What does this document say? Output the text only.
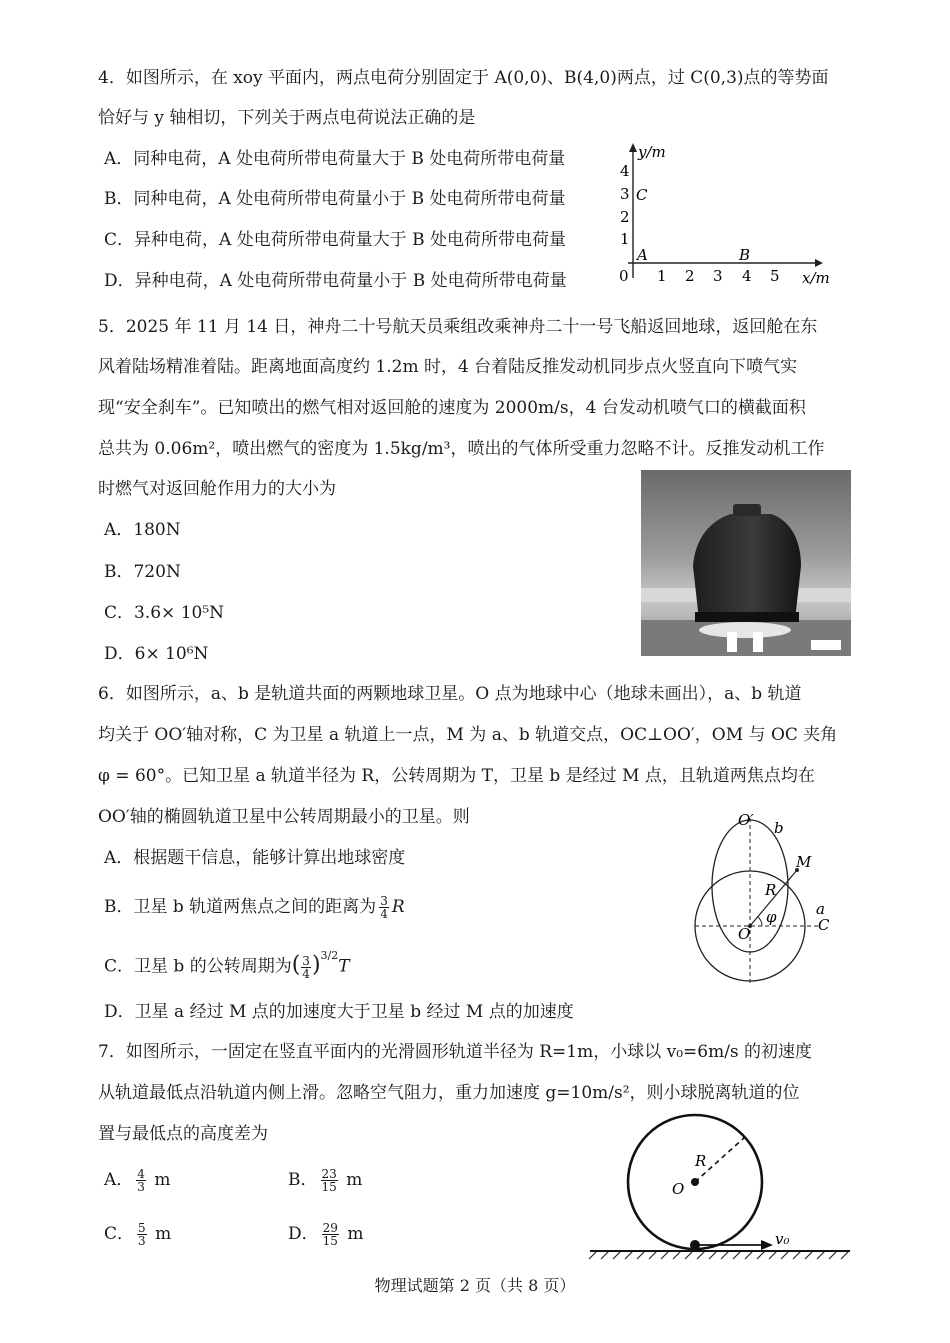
4．如图所示，在 xoy 平面内，两点电荷分别固定于 A(0,0)、B(4,0)两点，过 C(0,3)点的等势面
恰好与 y 轴相切，下列关于两点电荷说法正确的是
A．同种电荷，A 处电荷所带电荷量大于 B 处电荷所带电荷量
B．同种电荷，A 处电荷所带电荷量小于 B 处电荷所带电荷量
C．异种电荷，A 处电荷所带电荷量大于 B 处电荷所带电荷量
D．异种电荷，A 处电荷所带电荷量小于 B 处电荷所带电荷量
y/m
x/m
0
1
2
3
4
1 2 3 4 5
C
A	B
5．2025 年 11 月 14 日，神舟二十号航天员乘组改乘神舟二十一号飞船返回地球，返回舱在东
风着陆场精准着陆。距离地面高度约 1.2m 时，4 台着陆反推发动机同步点火竖直向下喷气实
现“安全刹车”。已知喷出的燃气相对返回舱的速度为 2000m/s，4 台发动机喷气口的横截面积
总共为 0.06m²，喷出燃气的密度为 1.5kg/m³，喷出的气体所受重力忽略不计。反推发动机工作
时燃气对返回舱作用力的大小为
A．180N
B．720N
C．3.6× 10⁵N
D．6× 10⁶N
6．如图所示，a、b 是轨道共面的两颗地球卫星。O 点为地球中心（地球未画出），a、b 轨道
均关于 OO′轴对称，C 为卫星 a 轨道上一点，M 为 a、b 轨道交点，OC⊥OO′，OM 与 OC 夹角
φ = 60°。已知卫星 a 轨道半径为 R，公转周期为 T，卫星 b 是经过 M 点，且轨道两焦点均在
OO′轴的椭圆轨道卫星中公转周期最小的卫星。则
A．根据题干信息，能够计算出地球密度
B．卫星 b 轨道两焦点之间的距离为 $\frac{3}{4}$ R
C．卫星 b 的公转周期为( $\frac{3}{4} )^{3/2}T$
D．卫星 a 经过 M 点的加速度大于卫星 b 经过 M 点的加速度
O′ b
M
R
φ
O
a
C
7．如图所示，一固定在竖直平面内的光滑圆形轨道半径为 R=1m，小球以 v₀=6m/s 的初速度
从轨道最低点沿轨道内侧上滑。忽略空气阻力，重力加速度 g=10m/s²，则小球脱离轨道的位
置与最低点的高度差为
A． $\frac{4}{3}$ m	B． $\frac{23}{15}$ m
C． $\frac{5}{3}$ m	D． $\frac{29}{15}$ m
R
O
v₀
物理试题第 2 页（共 8 页）
